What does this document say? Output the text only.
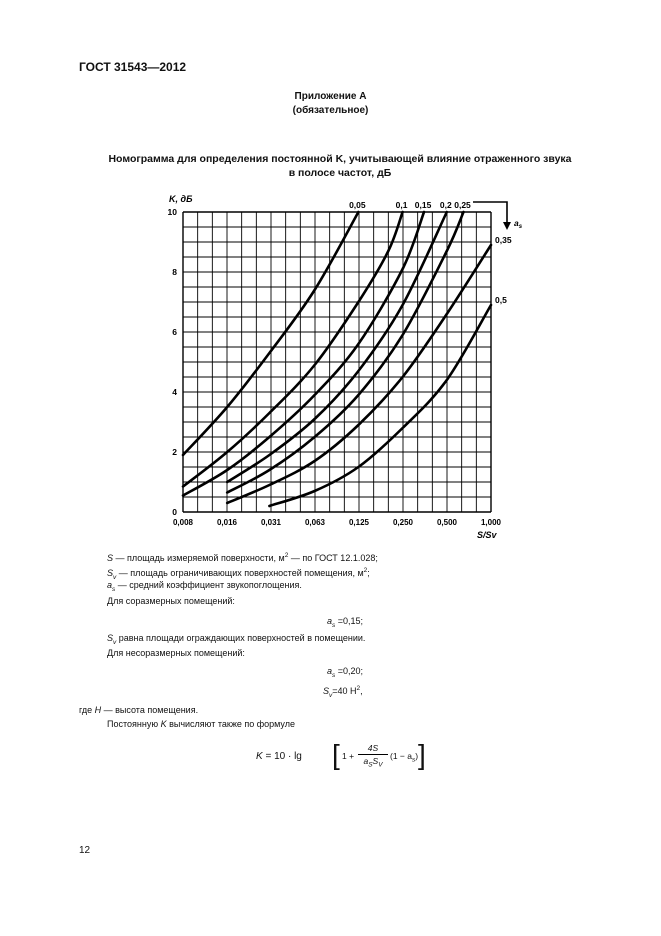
ГОСТ 31543—2012
Приложение А
(обязательное)
Номограмма для определения постоянной K, учитывающей влияние отраженного звука
в полосе частот, дБ
0
2
4
6
8
10
0,008	0,016	0,031	0,063	0,125	0,250	0,500	1,000
0,05	0,1 0,15 0,2 0,25
0,35
0,5
K, дБ
S/Sv
$a_s$
S — площадь измеряемой поверхности, $м^2$ — по ГОСТ 12.1.028;
$S_v$ — площадь ограничивающих поверхностей помещения, $м^2$;
$a_s$ — средний коэффициент звукопоглощения.
Для соразмерных помещений:
$a_s =0,15$;
$S_v$ равна площади ограждающих поверхностей в помещении.
Для несоразмерных помещений:
$a_s =0,20$;
$S_v=40$ $H^2$,
где H — высота помещения.
Постоянную K вычисляют также по формуле
K = 10 · lg [ 1 +
4S
$a_SS_V$
$(1 - a_s)$ ]
12
